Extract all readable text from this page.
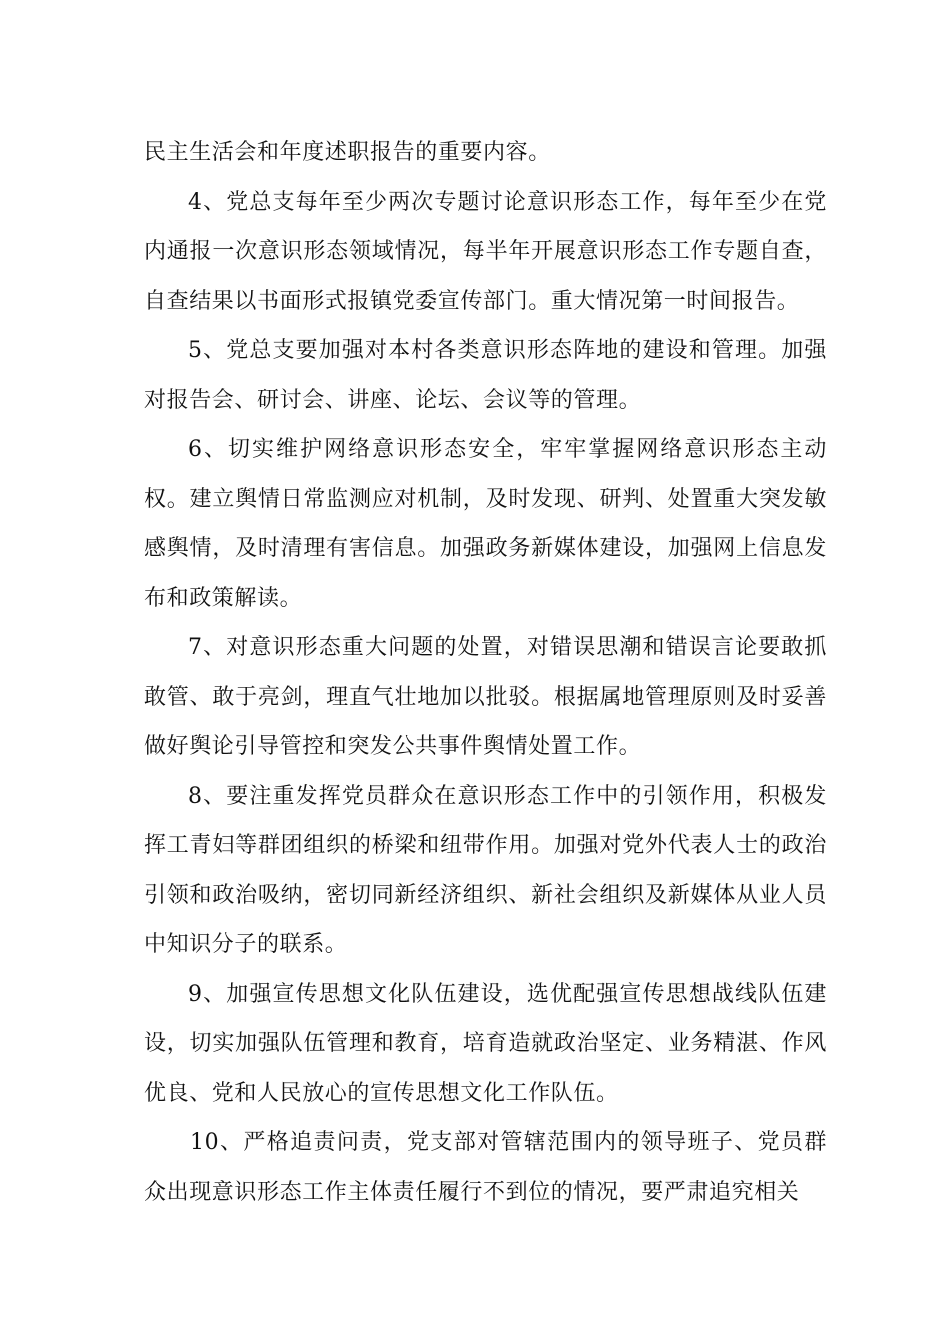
民主生活会和年度述职报告的重要内容。

4、党总支每年至少两次专题讨论意识形态工作，每年至少在党内通报一次意识形态领域情况，每半年开展意识形态工作专题自查，自查结果以书面形式报镇党委宣传部门。重大情况第一时间报告。

5、党总支要加强对本村各类意识形态阵地的建设和管理。加强对报告会、研讨会、讲座、论坛、会议等的管理。

6、切实维护网络意识形态安全，牢牢掌握网络意识形态主动权。建立舆情日常监测应对机制，及时发现、研判、处置重大突发敏感舆情，及时清理有害信息。加强政务新媒体建设，加强网上信息发布和政策解读。

7、对意识形态重大问题的处置，对错误思潮和错误言论要敢抓敢管、敢于亮剑，理直气壮地加以批驳。根据属地管理原则及时妥善做好舆论引导管控和突发公共事件舆情处置工作。

8、要注重发挥党员群众在意识形态工作中的引领作用，积极发挥工青妇等群团组织的桥梁和纽带作用。加强对党外代表人士的政治引领和政治吸纳，密切同新经济组织、新社会组织及新媒体从业人员中知识分子的联系。

9、加强宣传思想文化队伍建设，选优配强宣传思想战线队伍建设，切实加强队伍管理和教育，培育造就政治坚定、业务精湛、作风优良、党和人民放心的宣传思想文化工作队伍。

10、严格追责问责，党支部对管辖范围内的领导班子、党员群众出现意识形态工作主体责任履行不到位的情况，要严肃追究相关
